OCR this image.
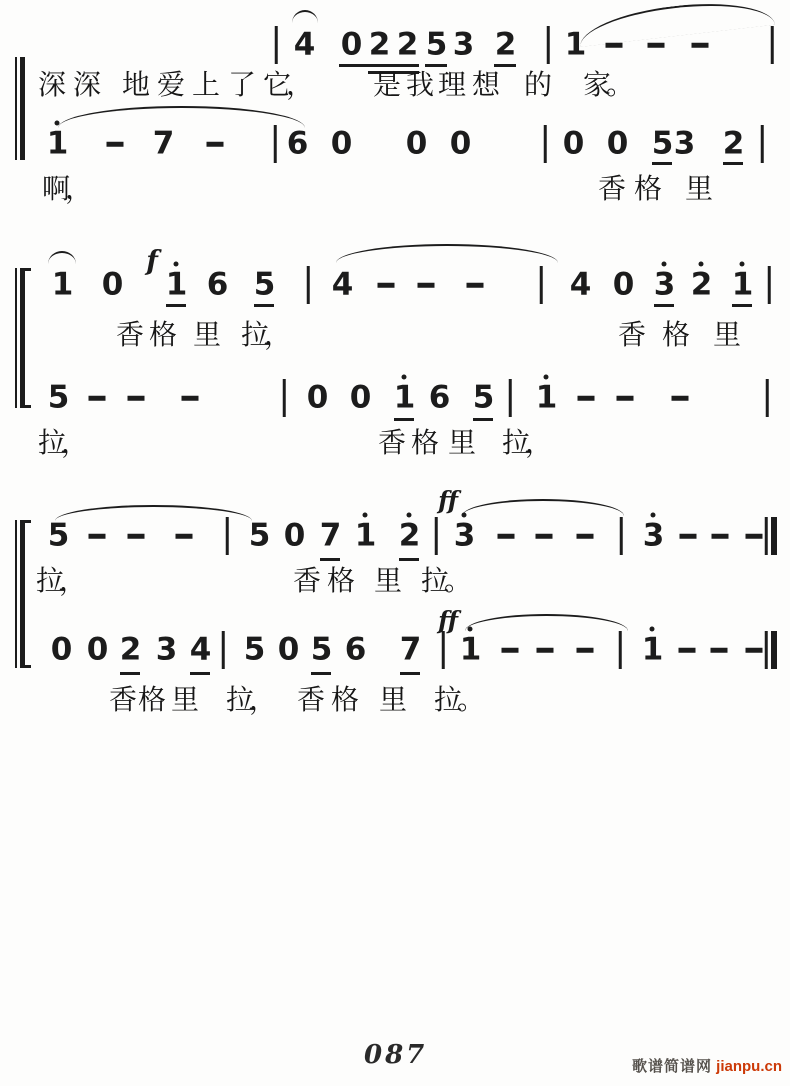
4 0 2 2 5 3 2 1
1	7	6 0 0 0	0 0 5 3 2
1 0 1 6 5 4	4 0 3 2 1
f
5	0 0 1 6 5 1
5	5 0 7 1 2 3	3
ff
0 0 2 3 4 5 0 5 6 7 1	1
ff
深 深 地 爱 上 了 它
， 是 我 理 想 的 家
。
啊
，	香 格 里
香 格 里 拉
，	香 格 里
拉
，	香 格 里 拉
，
拉
，	香 格 里 拉
。
香 格 里 拉
， 香 格 里 拉
。
087	歌谱简谱网 jianpu.cn
